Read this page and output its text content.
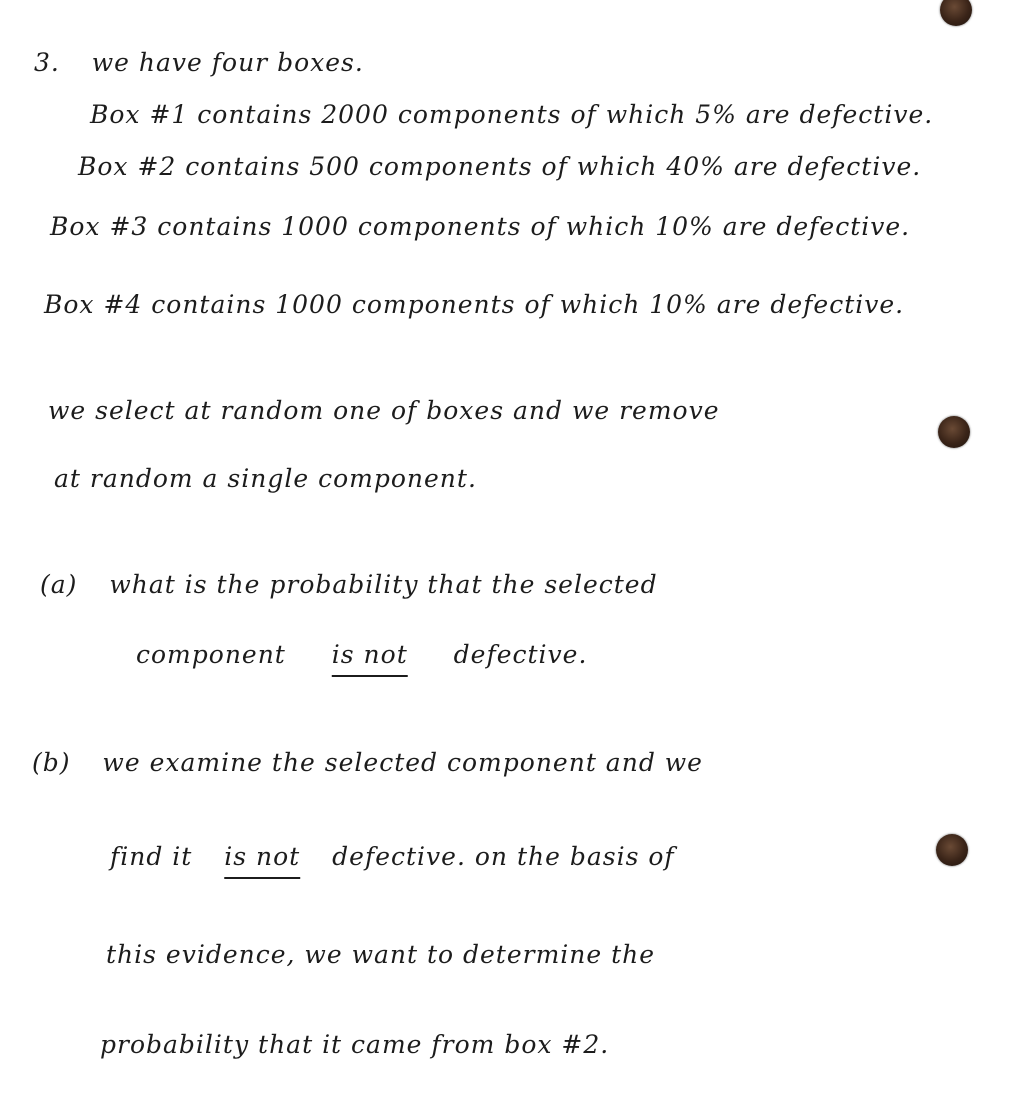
3. we have four boxes.
Box #1 contains 2000 components of which 5% are defective.
Box #2 contains 500 components of which 40% are defective.
Box #3 contains 1000 components of which 10% are defective.
Box #4 contains 1000 components of which 10% are defective.
we select at random one of boxes and we remove
at random a single component.
(a) what is the probability that the selected
component is not defective.
(b) we examine the selected component and we
find it is not defective. on the basis of
this evidence, we want to determine the
probability that it came from box #2.
